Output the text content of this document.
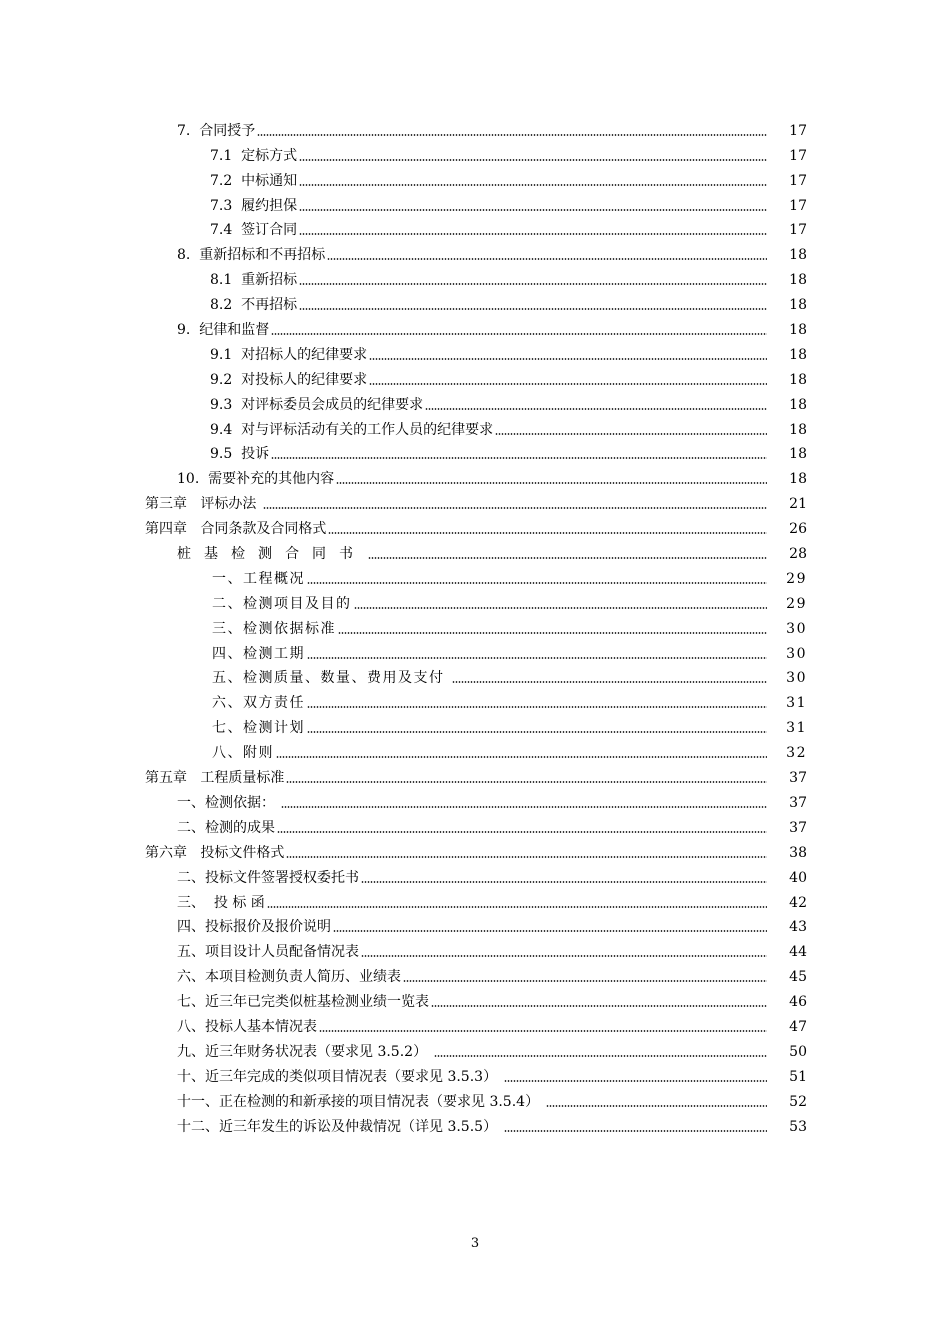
7.  合同授予	17
7.1  定标方式	17
7.2  中标通知	17
7.3  履约担保	17
7.4  签订合同	17
8.  重新招标和不再招标	18
8.1  重新招标	18
8.2  不再招标	18
9.  纪律和监督	18
9.1  对招标人的纪律要求	18
9.2  对投标人的纪律要求	18
9.3  对评标委员会成员的纪律要求	18
9.4  对与评标活动有关的工作人员的纪律要求	18
9.5  投诉	18
10.  需要补充的其他内容	18
第三章   评标办法	21
第四章   合同条款及合同格式	26
桩基检测合同书	28
一、工程概况	29
二、检测项目及目的	29
三、检测依据标准	30
四、检测工期	30
五、检测质量、数量、费用及支付	30
六、双方责任	31
七、检测计划	31
八、附则	32
第五章   工程质量标准	37
一、检测依据：	37
二、检测的成果	37
第六章   投标文件格式	38
二、投标文件签署授权委托书	40
三、  投 标 函	42
四、投标报价及报价说明	43
五、项目设计人员配备情况表	44
六、本项目检测负责人简历、业绩表	45
七、近三年已完类似桩基检测业绩一览表	46
八、投标人基本情况表	47
九、近三年财务状况表（要求见 3.5.2）	50
十、近三年完成的类似项目情况表（要求见 3.5.3）	51
十一、正在检测的和新承接的项目情况表（要求见 3.5.4）	52
十二、近三年发生的诉讼及仲裁情况（详见 3.5.5）	53
3
